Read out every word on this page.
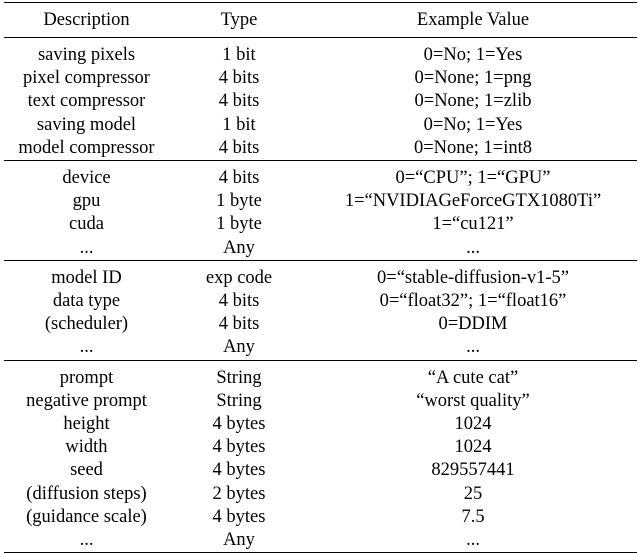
Description	Type	Example Value
saving pixels	1 bit	0=No; 1=Yes
pixel compressor	4 bits	0=None; 1=png
text compressor	4 bits	0=None; 1=zlib
saving model	1 bit	0=No; 1=Yes
model compressor	4 bits	0=None; 1=int8
device	4 bits	0=“CPU”; 1=“GPU”
gpu	1 byte	1=“NVIDIAGeForceGTX1080Ti”
cuda	1 byte	1=“cu121”
...	Any	...
model ID	exp code	0=“stable-diffusion-v1-5”
data type	4 bits	0=“float32”; 1=“float16”
(scheduler)	4 bits	0=DDIM
...	Any	...
prompt	String	“A cute cat”
negative prompt	String	“worst quality”
height	4 bytes	1024
width	4 bytes	1024
seed	4 bytes	829557441
(diffusion steps)	2 bytes	25
(guidance scale)	4 bytes	7.5
...	Any	...
